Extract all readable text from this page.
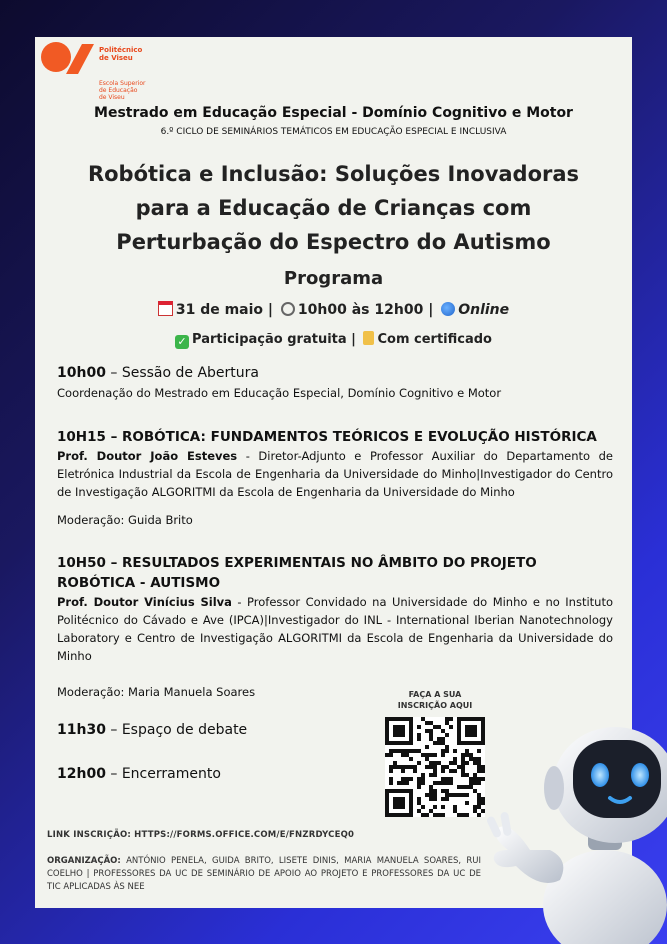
Politécnico
de Viseu
Escola Superior
de Educação
de Viseu
Mestrado em Educação Especial - Domínio Cognitivo e Motor
6.º CICLO DE SEMINÁRIOS TEMÁTICOS EM EDUCAÇÃO ESPECIAL E INCLUSIVA
Robótica e Inclusão: Soluções Inovadoras
para a Educação de Crianças com
Perturbação do Espectro do Autismo
Programa
31 de maio | 10h00 às 12h00 | Online
✓ Participação gratuita | Com certificado
10h00 – Sessão de Abertura
Coordenação do Mestrado em Educação Especial, Domínio Cognitivo e Motor
10H15 – ROBÓTICA: FUNDAMENTOS TEÓRICOS E EVOLUÇÃO HISTÓRICA
Prof. Doutor João Esteves - Diretor-Adjunto e Professor Auxiliar do Departamento de Eletrónica Industrial da Escola de Engenharia da Universidade do Minho|Investigador do Centro de Investigação ALGORITMI da Escola de Engenharia da Universidade do Minho
Moderação: Guida Brito
10H50 – RESULTADOS EXPERIMENTAIS NO ÂMBITO DO PROJETO ROBÓTICA - AUTISMO
Prof. Doutor Vinícius Silva - Professor Convidado na Universidade do Minho e no Instituto Politécnico do Cávado e Ave (IPCA)|Investigador do INL - International Iberian Nanotechnology Laboratory e Centro de Investigação ALGORITMI da Escola de Engenharia da Universidade do Minho
Moderação: Maria Manuela Soares
11h30 – Espaço de debate
12h00 – Encerramento
FAÇA A SUA
INSCRIÇÃO AQUI
LINK INSCRIÇÃO: HTTPS://FORMS.OFFICE.COM/E/FNZRDYCEQ0
ORGANIZAÇÃO: ANTÓNIO PENELA, GUIDA BRITO, LISETE DINIS, MARIA MANUELA SOARES, RUI COELHO | PROFESSORES DA UC DE SEMINÁRIO DE APOIO AO PROJETO E PROFESSORES DA UC DE TIC APLICADAS ÀS NEE
